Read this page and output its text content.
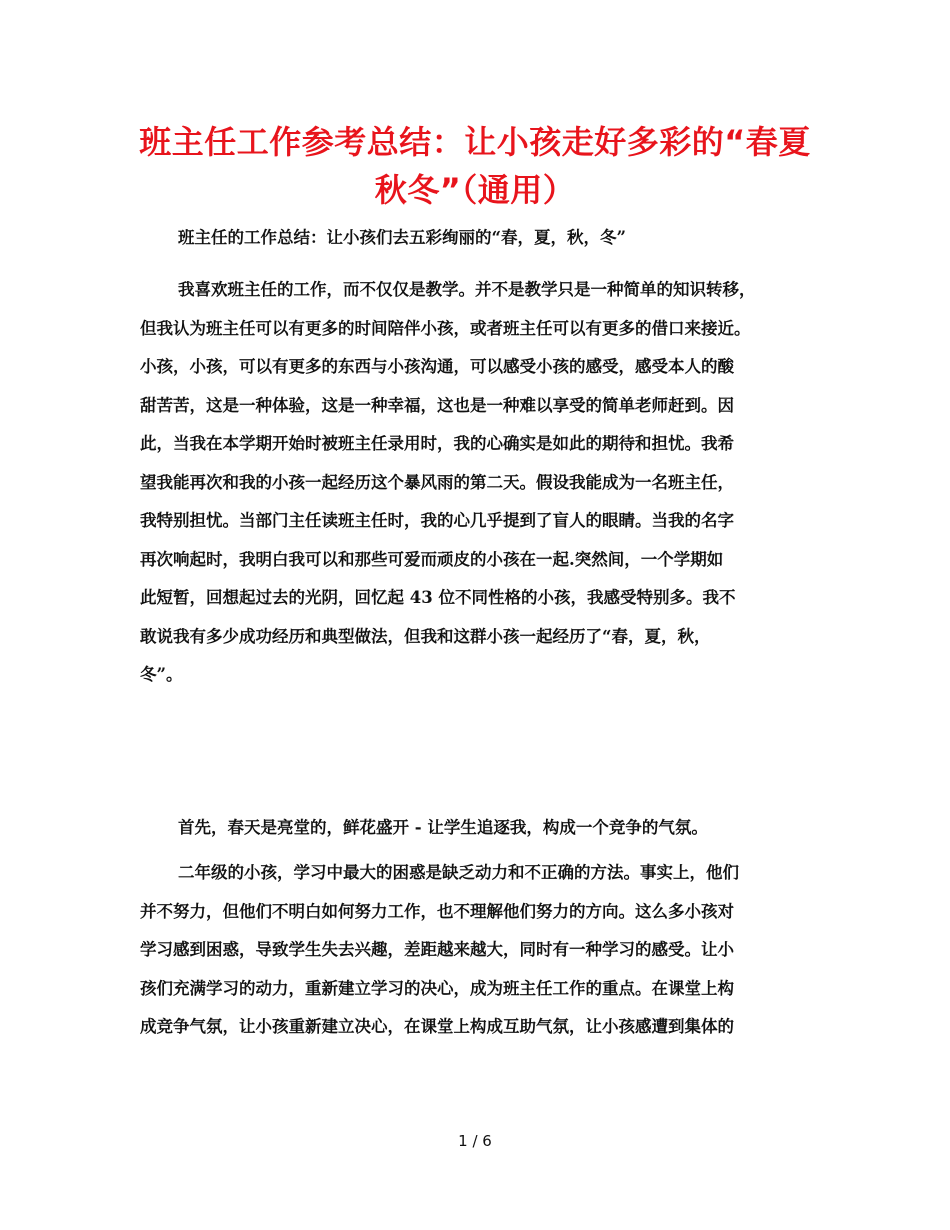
班主任工作参考总结：让小孩走好多彩的“春夏
秋冬”（通用）
班主任的工作总结：让小孩们去五彩绚丽的“春，夏，秋，冬”
我喜欢班主任的工作，而不仅仅是教学。并不是教学只是一种简单的知识转移，
但我认为班主任可以有更多的时间陪伴小孩，或者班主任可以有更多的借口来接近。
小孩，小孩，可以有更多的东西与小孩沟通，可以感受小孩的感受，感受本人的酸
甜苦苦，这是一种体验，这是一种幸福，这也是一种难以享受的简单老师赶到。因
此，当我在本学期开始时被班主任录用时，我的心确实是如此的期待和担忧。我希
望我能再次和我的小孩一起经历这个暴风雨的第二天。假设我能成为一名班主任，
我特别担忧。当部门主任读班主任时，我的心几乎提到了盲人的眼睛。当我的名字
再次响起时，我明白我可以和那些可爱而顽皮的小孩在一起.突然间，一个学期如
此短暂，回想起过去的光阴，回忆起 43 位不同性格的小孩，我感受特别多。我不
敢说我有多少成功经历和典型做法，但我和这群小孩一起经历了“春，夏，秋，
冬”。
首先，春天是亮堂的，鲜花盛开 - 让学生追逐我，构成一个竞争的气氛。
二年级的小孩，学习中最大的困惑是缺乏动力和不正确的方法。事实上，他们
并不努力，但他们不明白如何努力工作，也不理解他们努力的方向。这么多小孩对
学习感到困惑，导致学生失去兴趣，差距越来越大，同时有一种学习的感受。让小
孩们充满学习的动力，重新建立学习的决心，成为班主任工作的重点。在课堂上构
成竞争气氛，让小孩重新建立决心，在课堂上构成互助气氛，让小孩感遭到集体的
1 / 6
